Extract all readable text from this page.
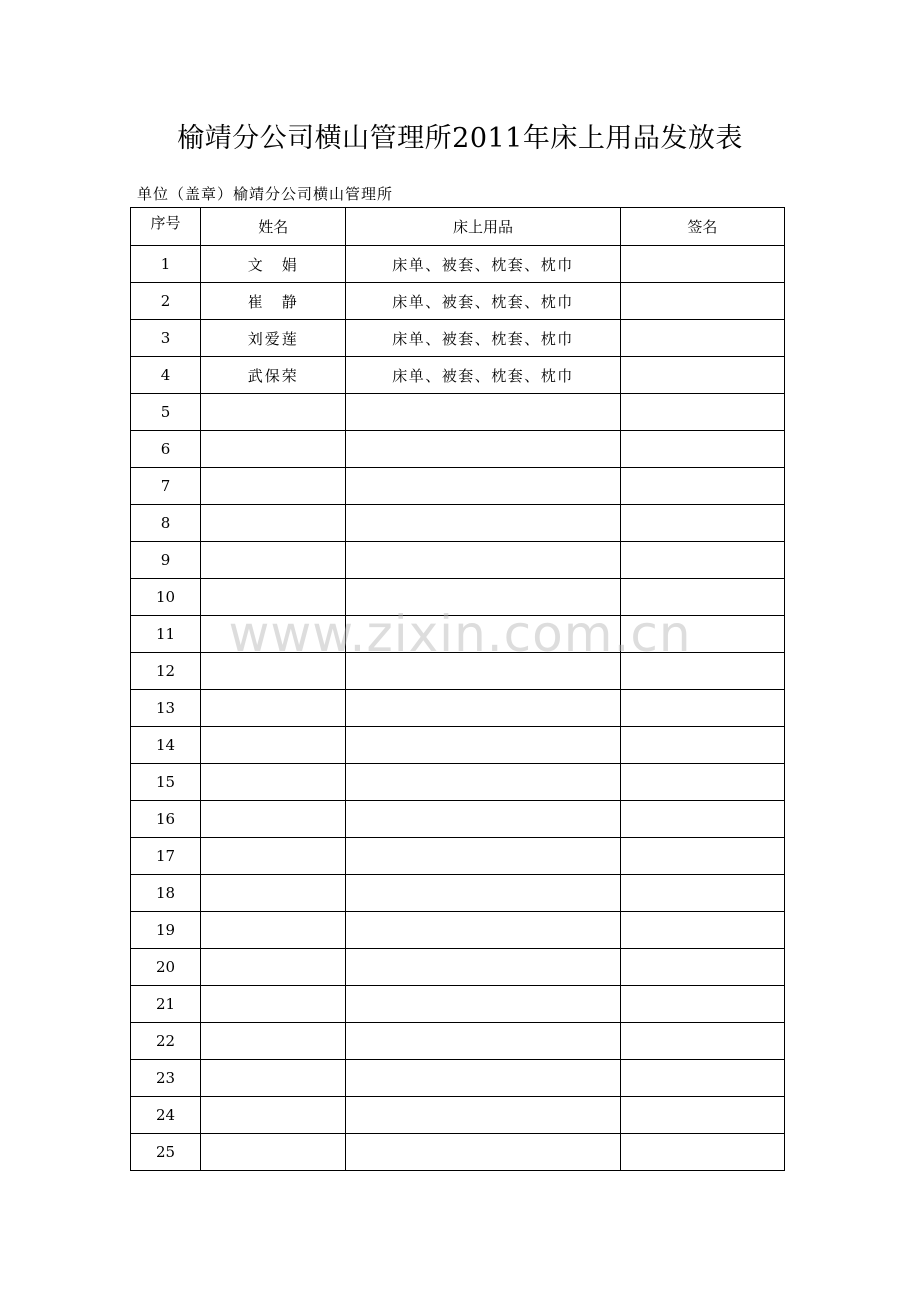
榆靖分公司横山管理所2011年床上用品发放表
单位（盖章）榆靖分公司横山管理所
序号	姓名	床上用品	签名
1	文　娟	床单、被套、枕套、枕巾	
2	崔　静	床单、被套、枕套、枕巾	
3	刘爱莲	床单、被套、枕套、枕巾	
4	武保荣	床单、被套、枕套、枕巾	
5			
6			
7			
8			
9			
10			
11			
12			
13			
14			
15			
16			
17			
18			
19			
20			
21			
22			
23			
24			
25			
www.zixin.com.cn
